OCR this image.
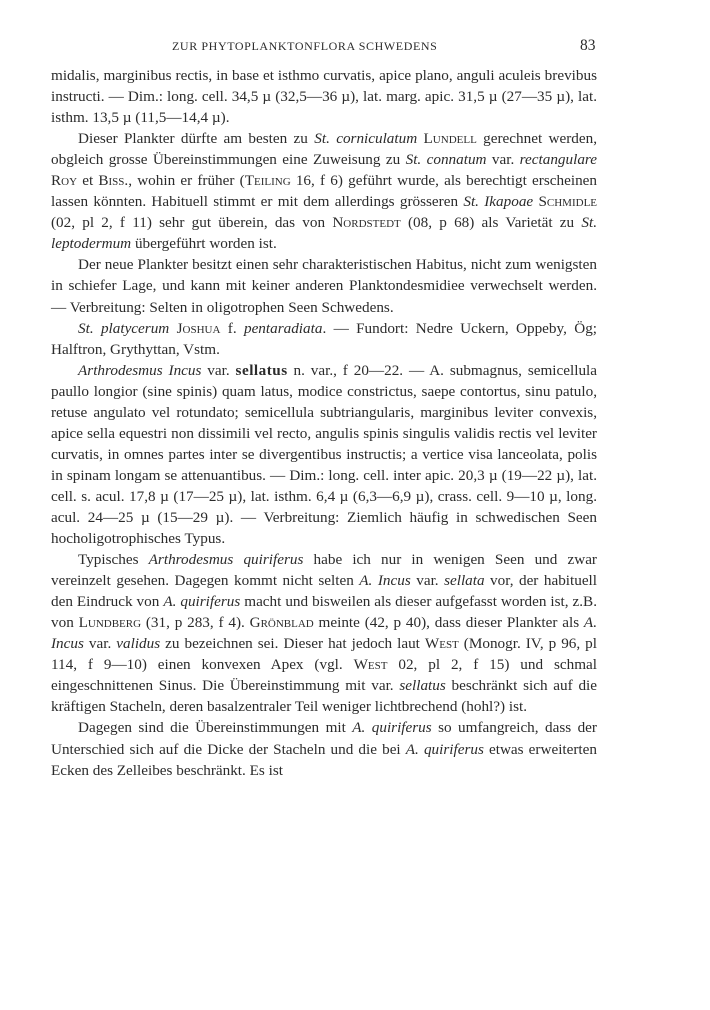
ZUR PHYTOPLANKTONFLORA SCHWEDENS	83

midalis, marginibus rectis, in base et isthmo curvatis, apice plano, anguli aculeis brevibus instructi. — Dim.: long. cell. 34,5 µ (32,5—36 µ), lat. marg. apic. 31,5 µ (27—35 µ), lat. isthm. 13,5 µ (11,5—14,4 µ).

Dieser Plankter dürfte am besten zu St. corniculatum Lundell gerechnet werden, obgleich grosse Übereinstimmungen eine Zuweisung zu St. connatum var. rectangulare Roy et Biss., wohin er früher (Teiling 16, f 6) geführt wurde, als berechtigt erscheinen lassen könnten. Habituell stimmt er mit dem allerdings grösseren St. Ikapoae Schmidle (02, pl 2, f 11) sehr gut überein, das von Nordstedt (08, p 68) als Varietät zu St. leptodermum übergeführt worden ist.

Der neue Plankter besitzt einen sehr charakteristischen Habitus, nicht zum wenigsten in schiefer Lage, und kann mit keiner anderen Planktondesmidiee verwechselt werden. — Verbreitung: Selten in oligotrophen Seen Schwedens.

St. platycerum Joshua f. pentaradiata. — Fundort: Nedre Uckern, Oppeby, Ög; Halftron, Grythyttan, Vstm.

Arthrodesmus Incus var. sellatus n. var., f 20—22. — A. submagnus, semicellula paullo longior (sine spinis) quam latus, modice constrictus, saepe contortus, sinu patulo, retuse angulato vel rotundato; semicellula subtriangularis, marginibus leviter convexis, apice sella equestri non dissimili vel recto, angulis spinis singulis validis rectis vel leviter curvatis, in omnes partes inter se divergentibus instructis; a vertice visa lanceolata, polis in spinam longam se attenuantibus. — Dim.: long. cell. inter apic. 20,3 µ (19—22 µ), lat. cell. s. acul. 17,8 µ (17—25 µ), lat. isthm. 6,4 µ (6,3—6,9 µ), crass. cell. 9—10 µ, long. acul. 24—25 µ (15—29 µ). — Verbreitung: Ziemlich häufig in schwedischen Seen hocholigotrophisches Typus.

Typisches Arthrodesmus quiriferus habe ich nur in wenigen Seen und zwar vereinzelt gesehen. Dagegen kommt nicht selten A. Incus var. sellata vor, der habituell den Eindruck von A. quiriferus macht und bisweilen als dieser aufgefasst worden ist, z.B. von Lundberg (31, p 283, f 4). Grönblad meinte (42, p 40), dass dieser Plankter als A. Incus var. validus zu bezeichnen sei. Dieser hat jedoch laut West (Monogr. IV, p 96, pl 114, f 9—10) einen konvexen Apex (vgl. West 02, pl 2, f 15) und schmal eingeschnittenen Sinus. Die Übereinstimmung mit var. sellatus beschränkt sich auf die kräftigen Stacheln, deren basalzentraler Teil weniger lichtbrechend (hohl?) ist.

Dagegen sind die Übereinstimmungen mit A. quiriferus so umfangreich, dass der Unterschied sich auf die Dicke der Stacheln und die bei A. quiriferus etwas erweiterten Ecken des Zelleibes beschränkt. Es ist
